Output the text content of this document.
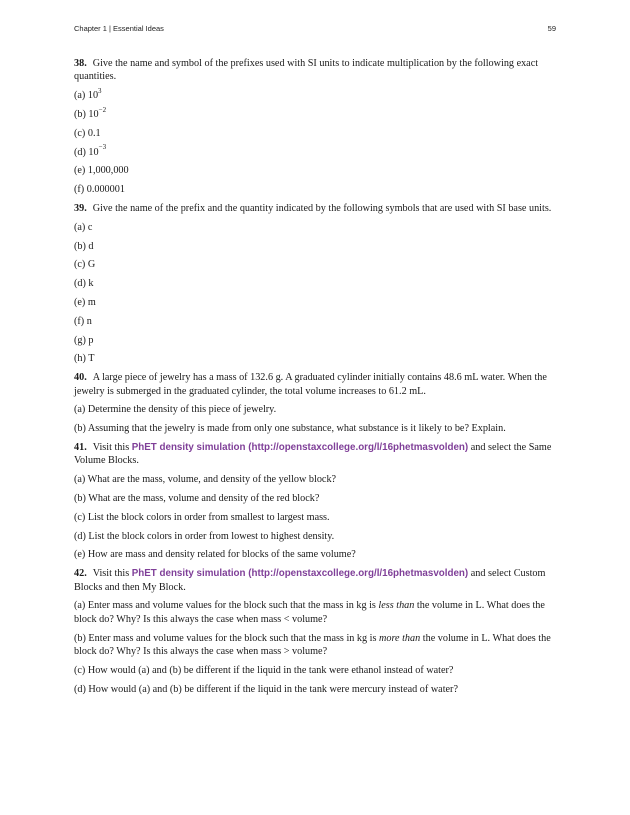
Chapter 1 | Essential Ideas	59

38. Give the name and symbol of the prefixes used with SI units to indicate multiplication by the following exact quantities.

(a) $10^3$

(b) $10^{-2}$

(c) 0.1

(d) $10^{-3}$

(e) 1,000,000

(f) 0.000001

39. Give the name of the prefix and the quantity indicated by the following symbols that are used with SI base units.

(a) c

(b) d

(c) G

(d) k

(e) m

(f) n

(g) p

(h) T

40. A large piece of jewelry has a mass of 132.6 g. A graduated cylinder initially contains 48.6 mL water. When the jewelry is submerged in the graduated cylinder, the total volume increases to 61.2 mL.

(a) Determine the density of this piece of jewelry.

(b) Assuming that the jewelry is made from only one substance, what substance is it likely to be? Explain.

41. Visit this PhET density simulation (http://openstaxcollege.org/l/16phetmasvolden) and select the Same Volume Blocks.

(a) What are the mass, volume, and density of the yellow block?

(b) What are the mass, volume and density of the red block?

(c) List the block colors in order from smallest to largest mass.

(d) List the block colors in order from lowest to highest density.

(e) How are mass and density related for blocks of the same volume?

42. Visit this PhET density simulation (http://openstaxcollege.org/l/16phetmasvolden) and select Custom Blocks and then My Block.

(a) Enter mass and volume values for the block such that the mass in kg is less than the volume in L. What does the block do? Why? Is this always the case when mass < volume?

(b) Enter mass and volume values for the block such that the mass in kg is more than the volume in L. What does the block do? Why? Is this always the case when mass > volume?

(c) How would (a) and (b) be different if the liquid in the tank were ethanol instead of water?

(d) How would (a) and (b) be different if the liquid in the tank were mercury instead of water?
